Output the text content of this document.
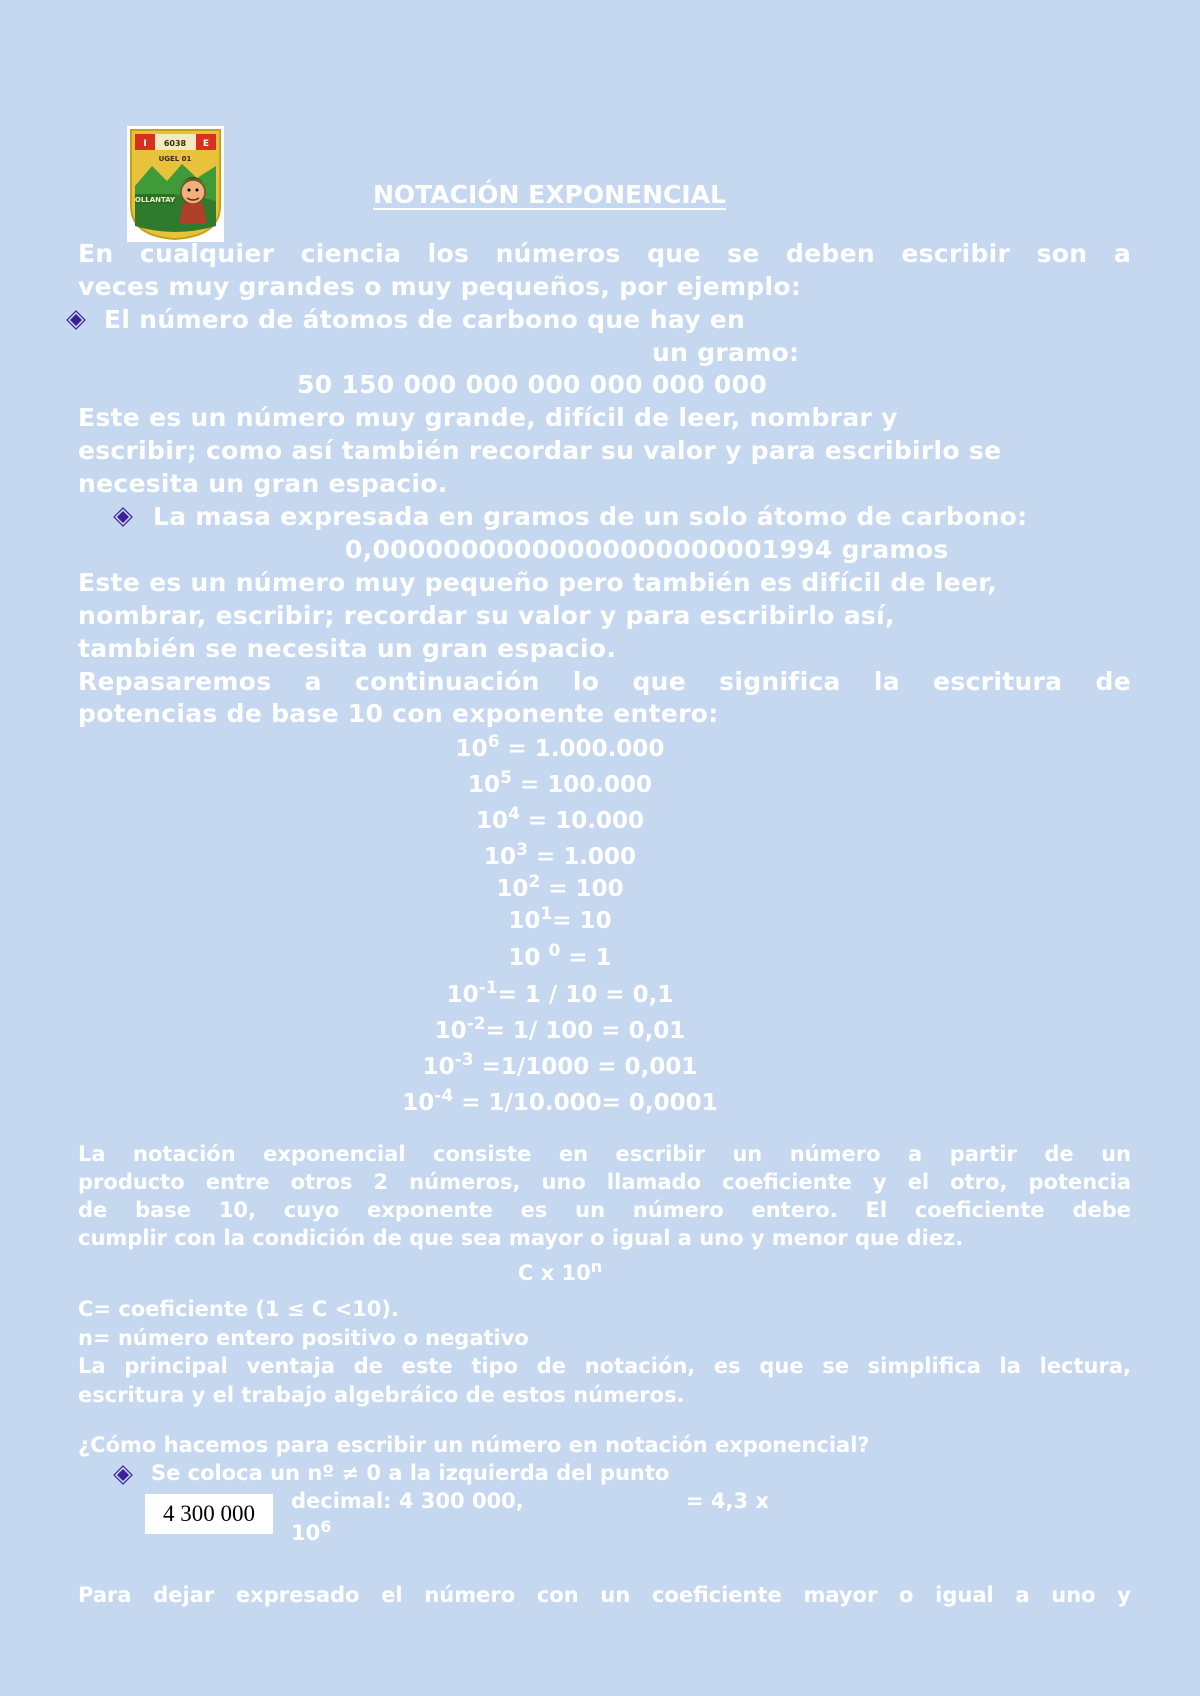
I 6038 E
UGEL 01
OLLANTAY	NOTACIÓN EXPONENCIAL
En cualquier ciencia los números que se deben escribir son a
veces muy grandes o muy pequeños, por ejemplo:
El número de átomos de carbono que hay en
un gramo:
50 150 000 000 000 000 000 000
Este es un número muy grande, difícil de leer, nombrar y
escribir; como así también recordar su valor y para escribirlo se
necesita un gran espacio.
La masa expresada en gramos de un solo átomo de carbono:
0,00000000000000000000001994 gramos
Este es un número muy pequeño pero también es difícil de leer,
nombrar, escribir; recordar su valor y para escribirlo así,
también se necesita un gran espacio.
Repasaremos a continuación lo que significa la escritura de
potencias de base 10 con exponente entero:
$10^6 = 1.000.000$
$10^5 = 100.000$
$10^4 = 10.000$
$10^3 = 1.000$
$10^2 = 100$
$10^1= 10$
10 $^0$ = 1
$10^{-1}= 1 / 10 = 0,1$
$10^{-2}= 1/$ 100 = 0,01
$10^{-3} =1/1000 = 0,001$
$10^{-4} = 1/10.000= 0,0001$
La notación exponencial consiste en escribir un número a partir de un
producto entre otros 2 números, uno llamado coeficiente y el otro, potencia
de base 10, cuyo exponente es un número entero. El coeficiente debe
cumplir con la condición de que sea mayor o igual a uno y menor que diez.
C x 10$^n$
C= coeficiente (1 ≤ C <10).
n= número entero positivo o negativo
La principal ventaja de este tipo de notación, es que se simplifica la lectura,
escritura y el trabajo algebráico de estos números.
¿Cómo hacemos para escribir un número en notación exponencial?
Se coloca un nº ≠ 0 a la izquierda del punto
4 300 000	decimal: 4 300 000,	= 4,3 x
$10^6$
Para dejar expresado el número con un coeficiente mayor o igual a uno y
